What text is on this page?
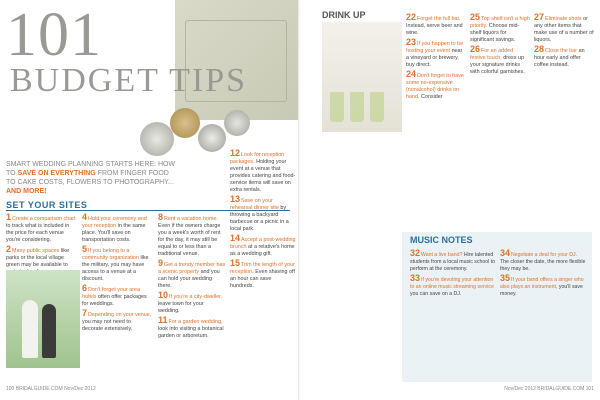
101
BUDGET TIPS
SMART WEDDING PLANNING STARTS HERE: HOW TO SAVE ON EVERYTHING FROM FINGER FOOD TO CAKE COSTS, FLOWERS TO PHOTOGRAPHY... AND MORE!
SET YOUR SITES

1Create a comparison chart to track what is included in the price for each venue you're considering.

2Many public spaces like parks or the local village green may be available to

4Hold your ceremony and your reception in the same place. You'll save on transportation costs.

5If you belong to a community organization like the military, you may have access to a venue at a discount.

6Don't forget your area hotels often offer packages for weddings.

7Depending on your venue, you may not need to decorate extensively.

8Rent a vacation home. Even if the owners charge you a week's worth of rent for the day, it may still be equal to or less than a traditional venue.

9Get a trendy member has a scenic property and you can hold your wedding there.

10If you're a city-dweller, leave town for your wedding.

11For a garden wedding, look into visiting a botanical garden or arboretum.

12Look for reception packages. Holding your event at a venue that provides catering and food-service items will save on extra rentals.

13Save on your rehearsal dinner site by throwing a backyard barbecue or a picnic in a local park.

14Accept a post-wedding brunch at a relative's home as a wedding gift.

15Trim the length of your reception. Even shaving off an hour can save hundreds.

100 BRIDALGUIDE.COM Nov/Dec 2012	Nov/Dec 2012 BRIDALGUIDE.COM 101
DRINK UP	22Forget the full bar. Instead, serve beer and wine.

23If you happen to be hosting your event near a vineyard or brewery, buy direct.

24Don't forget to have some no-expensive (nonalcohol) drinks on hand. Consider

25Top shelf isn't a high priority. Choose mid-shelf liquors for significant savings.

26For an added festive touch, dress up your signature drinks with colorful garnishes.

27Eliminate shots or any other items that make use of a number of liquors.

28Close the bar an hour early and offer coffee instead.

MUSIC NOTES

32Want a live band? Hire talented students from a local music school to perform at the ceremony.

33If you're devoting your attention to an online music streaming service you can save on a DJ.

34Negotiate a deal for your DJ. The closer the date, the more flexible they may be.

35If your band offers a singer who also plays an instrument, you'll save money.
